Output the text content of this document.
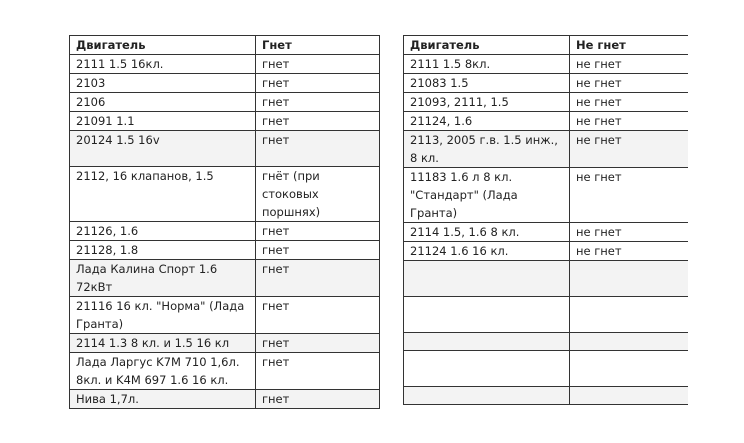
Двигатель	Гнет
2111 1.5 16кл.	гнет
2103	гнет
2106	гнет
21091 1.1	гнет
20124 1.5 16v	гнет
2112, 16 клапанов, 1.5	гнёт (при стоковых поршнях)
21126, 1.6	гнет
21128, 1.8	гнет
Лада Калина Спорт 1.6 72кВт	гнет
21116 16 кл. "Норма" (Лада Гранта)	гнет
2114 1.3 8 кл. и 1.5 16 кл	гнет
Лада Ларгус K7M 710 1,6л. 8кл. и K4M 697 1.6 16 кл.	гнет
Нива 1,7л.	гнет
Двигатель	Не гнет
2111 1.5 8кл.	не гнет
21083 1.5	не гнет
21093, 2111, 1.5	не гнет
21124, 1.6	не гнет
2113, 2005 г.в. 1.5 инж., 8 кл.	не гнет
11183 1.6 л 8 кл. "Стандарт" (Лада Гранта)	не гнет
2114 1.5, 1.6 8 кл.	не гнет
21124 1.6 16 кл.	не гнет
